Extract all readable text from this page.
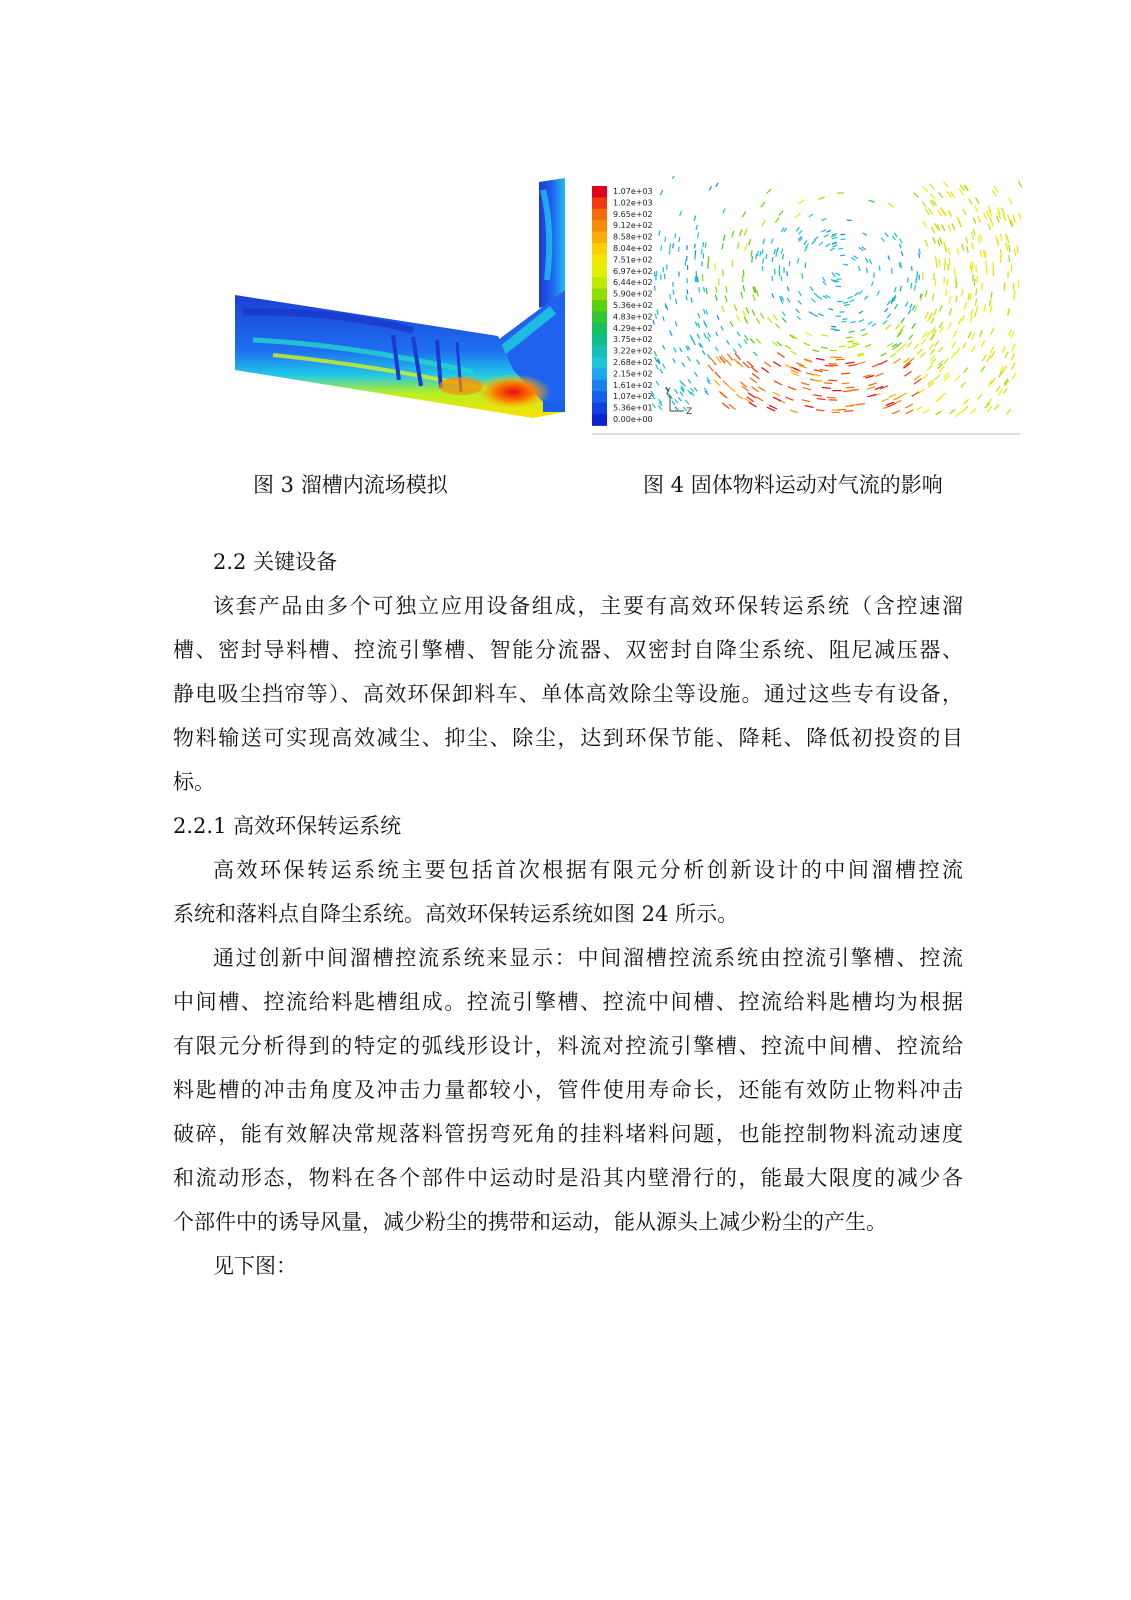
1.07e+03
1.02e+03
9.65e+02
9.12e+02
8.58e+02
8.04e+02
7.51e+02
6.97e+02
6.44e+02
5.90e+02
5.36e+02
4.83e+02
4.29e+02
3.75e+02
3.22e+02
2.68e+02
2.15e+02
1.61e+02
1.07e+02
5.36e+01
0.00e+00
Y
Z
图 3 溜槽内流场模拟	图 4 固体物料运动对气流的影响
2.2 关键设备
该套产品由多个可独立应用设备组成，主要有高效环保转运系统（含控速溜
槽、密封导料槽、控流引擎槽、智能分流器、双密封自降尘系统、阻尼减压器、
静电吸尘挡帘等）、高效环保卸料车、单体高效除尘等设施。通过这些专有设备，
物料输送可实现高效减尘、抑尘、除尘，达到环保节能、降耗、降低初投资的目
标。
2.2.1 高效环保转运系统
高效环保转运系统主要包括首次根据有限元分析创新设计的中间溜槽控流
系统和落料点自降尘系统。高效环保转运系统如图 24 所示。
通过创新中间溜槽控流系统来显示：中间溜槽控流系统由控流引擎槽、控流
中间槽、控流给料匙槽组成。控流引擎槽、控流中间槽、控流给料匙槽均为根据
有限元分析得到的特定的弧线形设计，料流对控流引擎槽、控流中间槽、控流给
料匙槽的冲击角度及冲击力量都较小，管件使用寿命长，还能有效防止物料冲击
破碎，能有效解决常规落料管拐弯死角的挂料堵料问题，也能控制物料流动速度
和流动形态，物料在各个部件中运动时是沿其内壁滑行的，能最大限度的减少各
个部件中的诱导风量，减少粉尘的携带和运动，能从源头上减少粉尘的产生。
见下图：
